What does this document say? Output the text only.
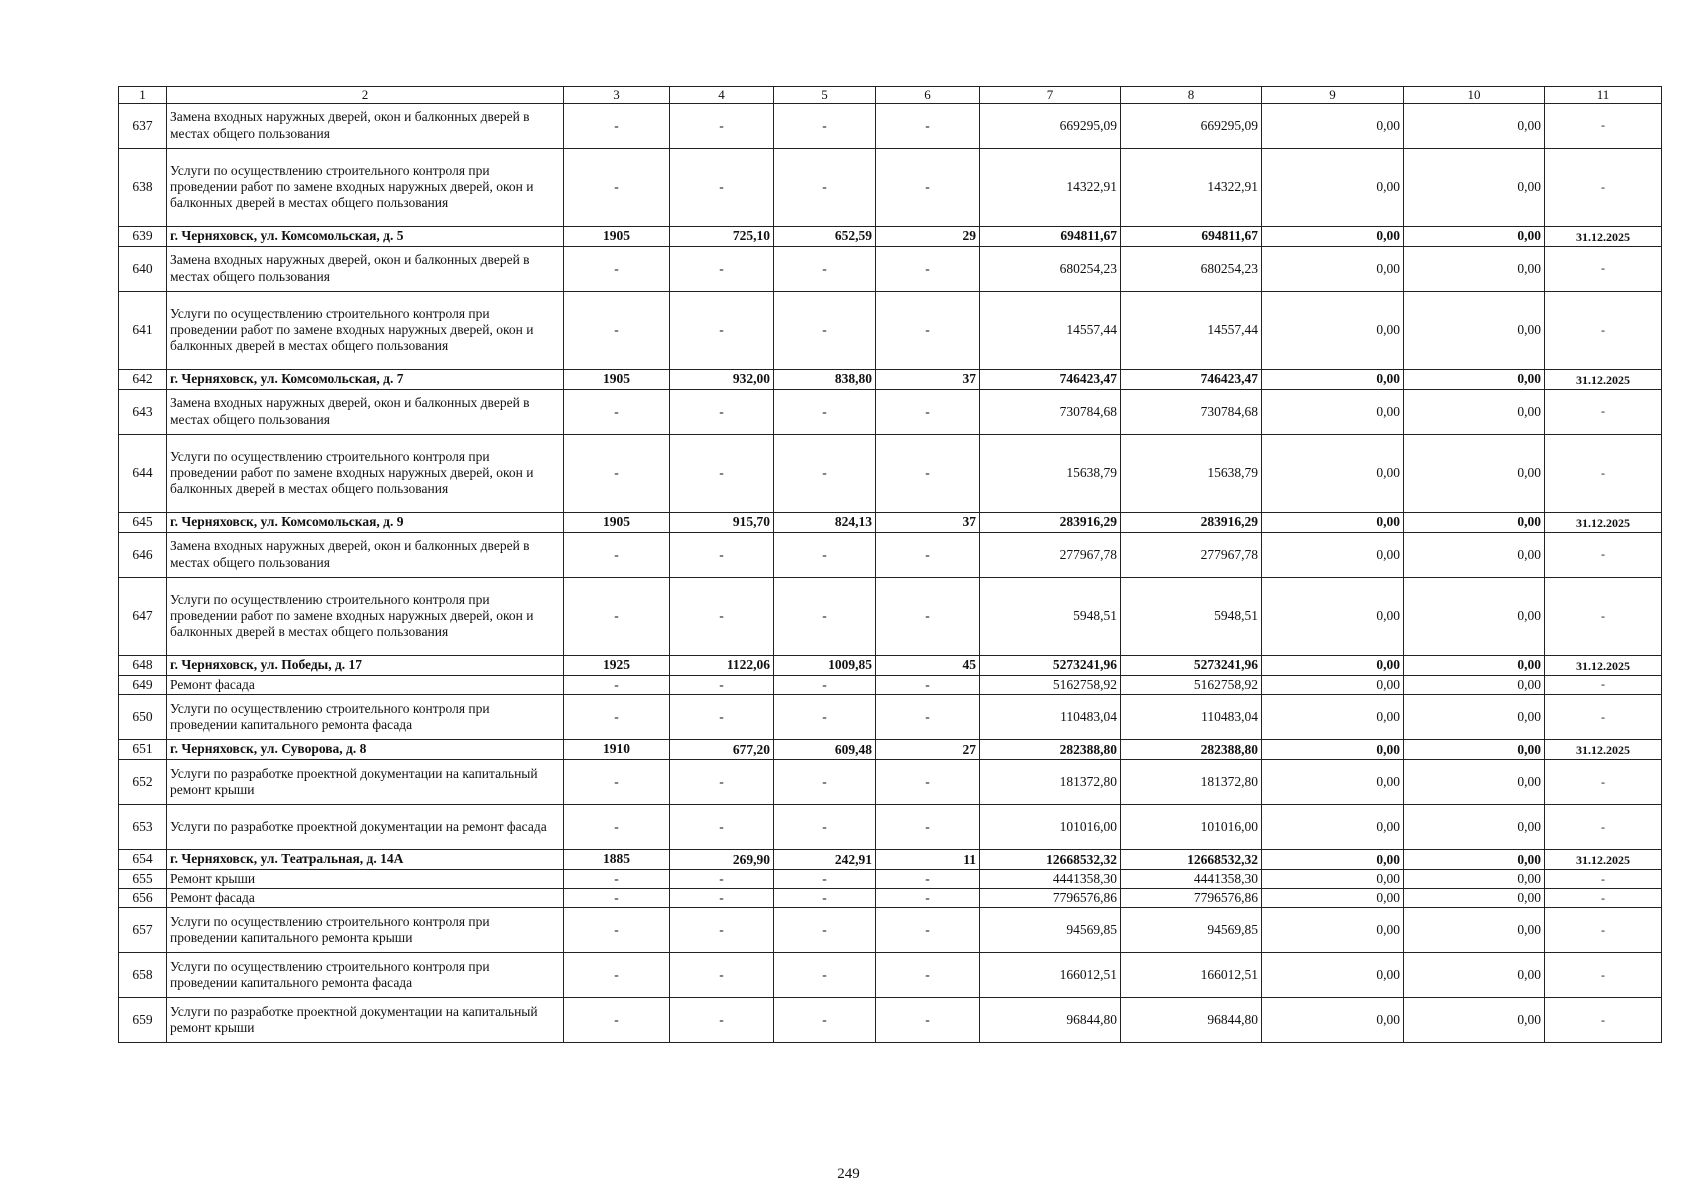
1	2	3	4	5	6	7	8	9	10	11
637	Замена входных наружных дверей, окон и балконных дверей в местах общего пользования	-	-	-	-	669295,09	669295,09	0,00	0,00	-
638	Услуги по осуществлению строительного контроля при проведении работ по замене входных наружных дверей, окон и балконных дверей в местах общего пользования	-	-	-	-	14322,91	14322,91	0,00	0,00	-
639	г. Черняховск, ул. Комсомольская, д. 5	1905	725,10	652,59	29	694811,67	694811,67	0,00	0,00	31.12.2025
640	Замена входных наружных дверей, окон и балконных дверей в местах общего пользования	-	-	-	-	680254,23	680254,23	0,00	0,00	-
641	Услуги по осуществлению строительного контроля при проведении работ по замене входных наружных дверей, окон и балконных дверей в местах общего пользования	-	-	-	-	14557,44	14557,44	0,00	0,00	-
642	г. Черняховск, ул. Комсомольская, д. 7	1905	932,00	838,80	37	746423,47	746423,47	0,00	0,00	31.12.2025
643	Замена входных наружных дверей, окон и балконных дверей в местах общего пользования	-	-	-	-	730784,68	730784,68	0,00	0,00	-
644	Услуги по осуществлению строительного контроля при проведении работ по замене входных наружных дверей, окон и балконных дверей в местах общего пользования	-	-	-	-	15638,79	15638,79	0,00	0,00	-
645	г. Черняховск, ул. Комсомольская, д. 9	1905	915,70	824,13	37	283916,29	283916,29	0,00	0,00	31.12.2025
646	Замена входных наружных дверей, окон и балконных дверей в местах общего пользования	-	-	-	-	277967,78	277967,78	0,00	0,00	-
647	Услуги по осуществлению строительного контроля при проведении работ по замене входных наружных дверей, окон и балконных дверей в местах общего пользования	-	-	-	-	5948,51	5948,51	0,00	0,00	-
648	г. Черняховск, ул. Победы, д. 17	1925	1122,06	1009,85	45	5273241,96	5273241,96	0,00	0,00	31.12.2025
649	Ремонт фасада	-	-	-	-	5162758,92	5162758,92	0,00	0,00	-
650	Услуги по осуществлению строительного контроля при проведении капитального ремонта фасада	-	-	-	-	110483,04	110483,04	0,00	0,00	-
651	г. Черняховск, ул. Суворова, д. 8	1910	677,20	609,48	27	282388,80	282388,80	0,00	0,00	31.12.2025
652	Услуги по разработке проектной документации на капитальный ремонт крыши	-	-	-	-	181372,80	181372,80	0,00	0,00	-
653	Услуги по разработке проектной документации на ремонт фасада	-	-	-	-	101016,00	101016,00	0,00	0,00	-
654	г. Черняховск, ул. Театральная, д. 14А	1885	269,90	242,91	11	12668532,32	12668532,32	0,00	0,00	31.12.2025
655	Ремонт крыши	-	-	-	-	4441358,30	4441358,30	0,00	0,00	-
656	Ремонт фасада	-	-	-	-	7796576,86	7796576,86	0,00	0,00	-
657	Услуги по осуществлению строительного контроля при проведении капитального ремонта крыши	-	-	-	-	94569,85	94569,85	0,00	0,00	-
658	Услуги по осуществлению строительного контроля при проведении капитального ремонта фасада	-	-	-	-	166012,51	166012,51	0,00	0,00	-
659	Услуги по разработке проектной документации на капитальный ремонт крыши	-	-	-	-	96844,80	96844,80	0,00	0,00	-
249
